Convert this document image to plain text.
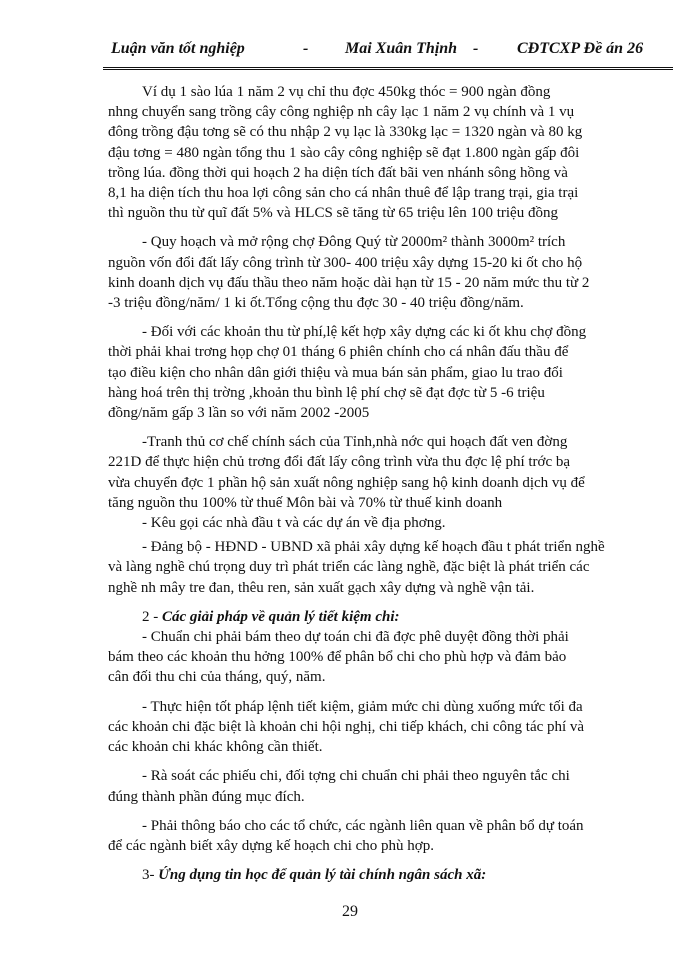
Luận văn tốt nghiệp	- Mai Xuân Thịnh - CĐTCXP Đề án 26

Ví dụ 1 sào lúa 1 năm 2 vụ chỉ thu đợc 450kg thóc = 900 ngàn đồng
nhng chuyển sang trồng cây công nghiệp nh cây lạc 1 năm 2 vụ chính và 1 vụ
đông trồng đậu tơng sẽ có thu nhập 2 vụ lạc là 330kg lạc = 1320 ngàn và 80 kg
đậu tơng = 480 ngàn tổng thu 1 sào cây công nghiệp sẽ đạt 1.800 ngàn gấp đôi
trồng lúa. đồng thời qui hoạch 2 ha diện tích đất bãi ven nhánh sông hồng và
8,1 ha diện tích thu hoa lợi công sản cho cá nhân thuê để lập trang trại, gia trại
thì nguồn thu từ quĩ đất 5% và HLCS sẽ tăng từ 65 triệu lên 100 triệu đồng

- Quy hoạch và mở rộng chợ Đông Quý từ 2000m² thành 3000m² trích
nguồn vốn đổi đất lấy công trình từ 300- 400 triệu xây dựng 15-20 ki ốt cho hộ
kinh doanh dịch vụ đấu thầu theo năm hoặc dài hạn từ 15 - 20 năm mức thu từ 2
-3 triệu đồng/năm/ 1 ki ốt.Tổng cộng thu đợc 30 - 40 triệu đồng/năm.

- Đối với các khoản thu từ phí,lệ kết hợp xây dựng các ki ốt khu chợ đồng
thời phải khai trơng họp chợ 01 tháng 6 phiên chính cho cá nhân đấu thầu để
tạo điều kiện cho nhân dân giới thiệu và mua bán sản phẩm, giao lu trao đổi
hàng hoá trên thị trờng ,khoản thu bình lệ phí chợ sẽ đạt đợc từ 5 -6 triệu
đồng/năm gấp 3 lần so với năm 2002 -2005

-Tranh thủ cơ chế chính sách của Tỉnh,nhà nớc qui hoạch đất ven đờng
221D để thực hiện chủ trơng đổi đất lấy công trình vừa thu đợc lệ phí trớc bạ
vừa chuyển đợc 1 phần hộ sản xuất nông nghiệp sang hộ kinh doanh dịch vụ để
tăng nguồn thu 100% từ thuế Môn bài và 70% từ thuế kinh doanh

- Kêu gọi các nhà đầu t và các dự án về địa phơng.

- Đảng bộ - HĐND - UBND xã phải xây dựng kế hoạch đầu t phát triển nghề
và làng nghề chú trọng duy trì phát triển các làng nghề, đặc biệt là phát triển các
nghề nh mây tre đan, thêu ren, sản xuất gạch xây dựng và nghề vận tải.

2 - Các giải pháp về quản lý tiết kiệm chi:

- Chuẩn chi phải bám theo dự toán chi đã đợc phê duyệt đồng thời phải
bám theo các khoản thu hởng 100% để phân bổ chi cho phù hợp và đảm bảo
cân đối thu chi của tháng, quý, năm.

- Thực hiện tốt pháp lệnh tiết kiệm, giảm mức chi dùng xuống mức tối đa
các khoản chi đặc biệt là khoản chi hội nghị, chi tiếp khách, chi công tác phí và
các khoản chi khác không cần thiết.

- Rà soát các phiếu chi, đối tợng chi chuẩn chi phải theo nguyên tắc chi
đúng thành phần đúng mục đích.

- Phải thông báo cho các tổ chức, các ngành liên quan về phân bổ dự toán
để các ngành biết xây dựng kế hoạch chi cho phù hợp.

3- Ứng dụng tin học để quản lý tài chính ngân sách xã:

29
